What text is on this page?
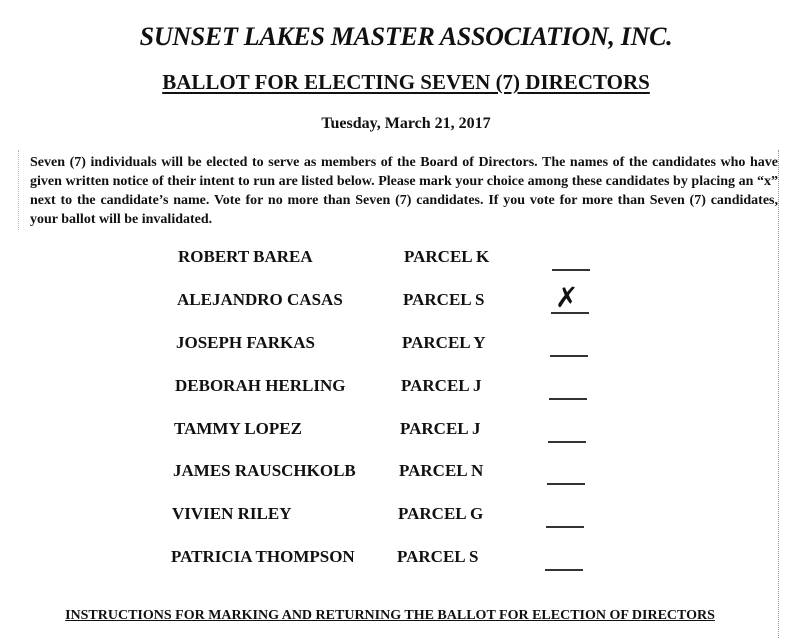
SUNSET LAKES MASTER ASSOCIATION, INC.
BALLOT FOR ELECTING SEVEN (7) DIRECTORS
Tuesday, March 21, 2017

Seven (7) individuals will be elected to serve as members of the Board of Directors. The names of the candidates who have given written notice of their intent to run are listed below. Please mark your choice among these candidates by placing an “x” next to the candidate’s name. Vote for no more than Seven (7) candidates. If you vote for more than Seven (7) candidates, your ballot will be invalidated.

ROBERT BAREA	PARCEL K
ALEJANDRO CASAS	PARCEL S	✗
JOSEPH FARKAS	PARCEL Y
DEBORAH HERLING	PARCEL J
TAMMY LOPEZ	PARCEL J
JAMES RAUSCHKOLB	PARCEL N
VIVIEN RILEY	PARCEL G
PATRICIA THOMPSON PARCEL S
INSTRUCTIONS FOR MARKING AND RETURNING THE BALLOT FOR ELECTION OF DIRECTORS
